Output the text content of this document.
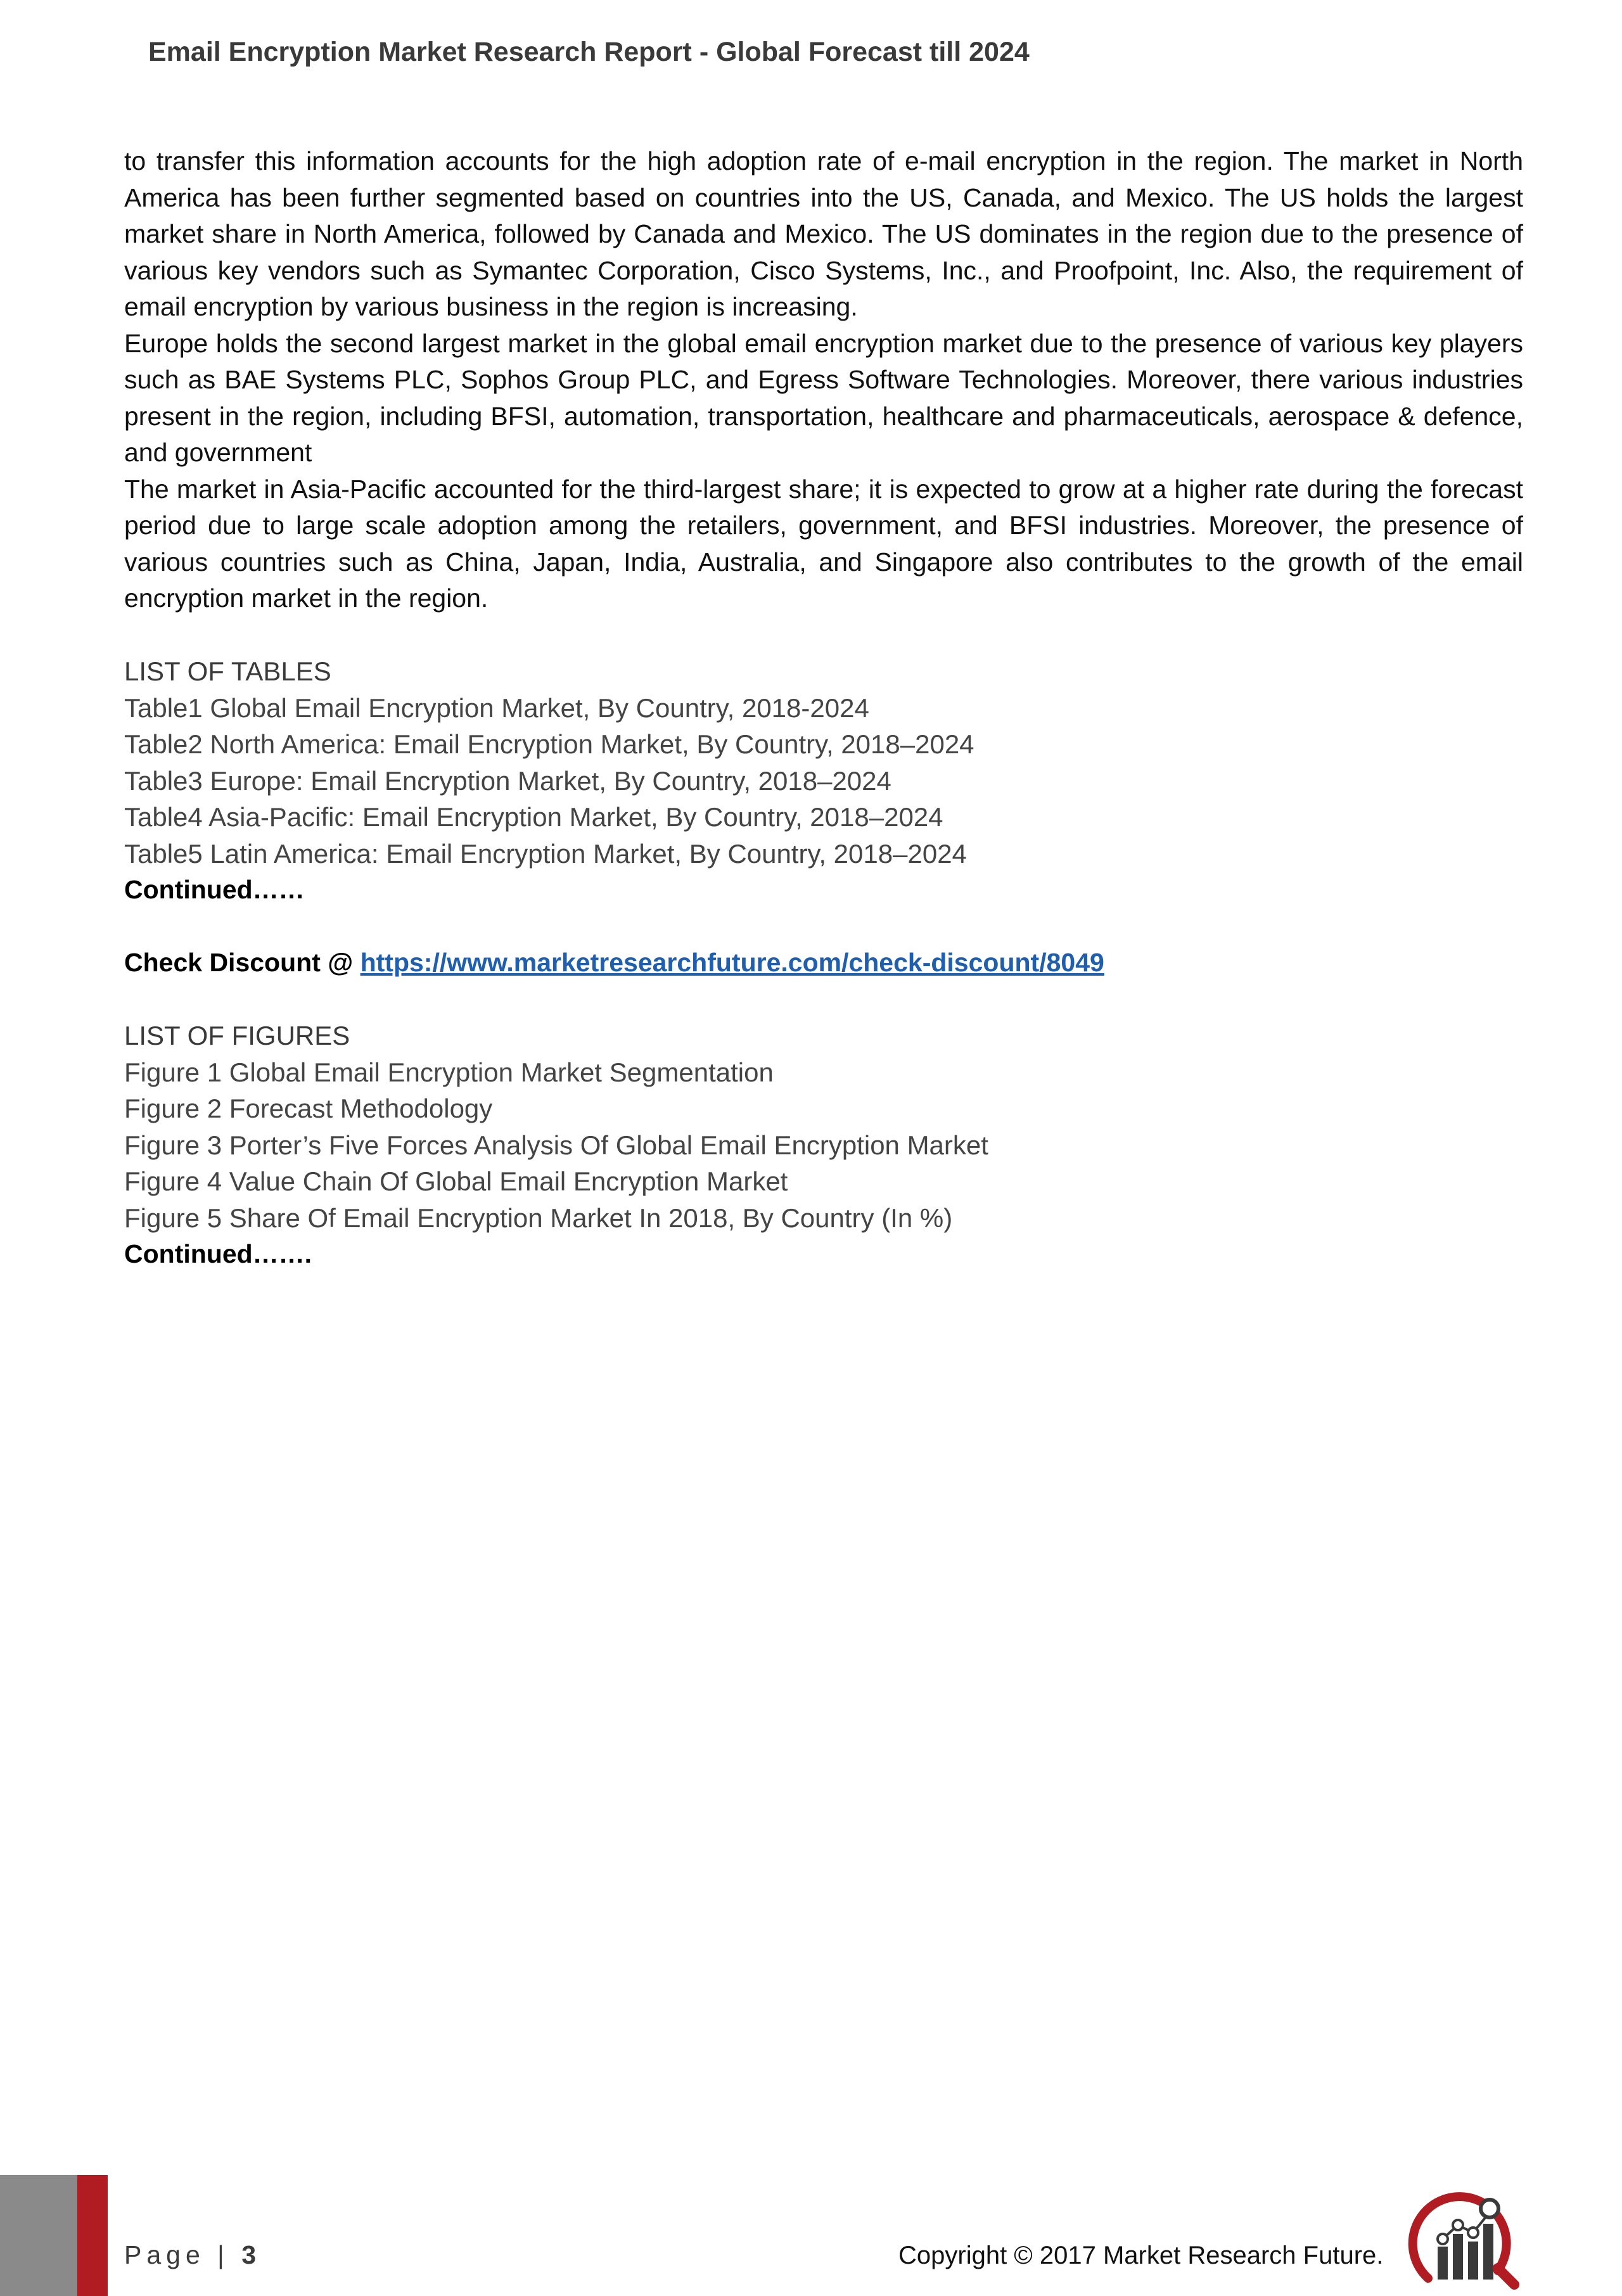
Email Encryption Market Research Report - Global Forecast till 2024

to transfer this information accounts for the high adoption rate of e-mail encryption in the region. The market in North America has been further segmented based on countries into the US, Canada, and Mexico. The US holds the largest market share in North America, followed by Canada and Mexico. The US dominates in the region due to the presence of various key vendors such as Symantec Corporation, Cisco Systems, Inc., and Proofpoint, Inc. Also, the requirement of email encryption by various business in the region is increasing.

Europe holds the second largest market in the global email encryption market due to the presence of various key players such as BAE Systems PLC, Sophos Group PLC, and Egress Software Technologies. Moreover, there various industries present in the region, including BFSI, automation, transportation, healthcare and pharmaceuticals, aerospace & defence, and government

The market in Asia-Pacific accounted for the third-largest share; it is expected to grow at a higher rate during the forecast period due to large scale adoption among the retailers, government, and BFSI industries. Moreover, the presence of various countries such as China, Japan, India, Australia, and Singapore also contributes to the growth of the email encryption market in the region.

LIST OF TABLES

Table1 Global Email Encryption Market, By Country, 2018-2024

Table2 North America: Email Encryption Market, By Country, 2018–2024

Table3 Europe: Email Encryption Market, By Country, 2018–2024

Table4 Asia-Pacific: Email Encryption Market, By Country, 2018–2024

Table5 Latin America: Email Encryption Market, By Country, 2018–2024

Continued……

Check Discount @ https://www.marketresearchfuture.com/check-discount/8049

LIST OF FIGURES

Figure 1 Global Email Encryption Market Segmentation

Figure 2 Forecast Methodology

Figure 3 Porter’s Five Forces Analysis Of Global Email Encryption Market

Figure 4 Value Chain Of Global Email Encryption Market

Figure 5 Share Of Email Encryption Market In 2018, By Country (In %)

Continued…….

Page | 3	Copyright © 2017 Market Research Future.
